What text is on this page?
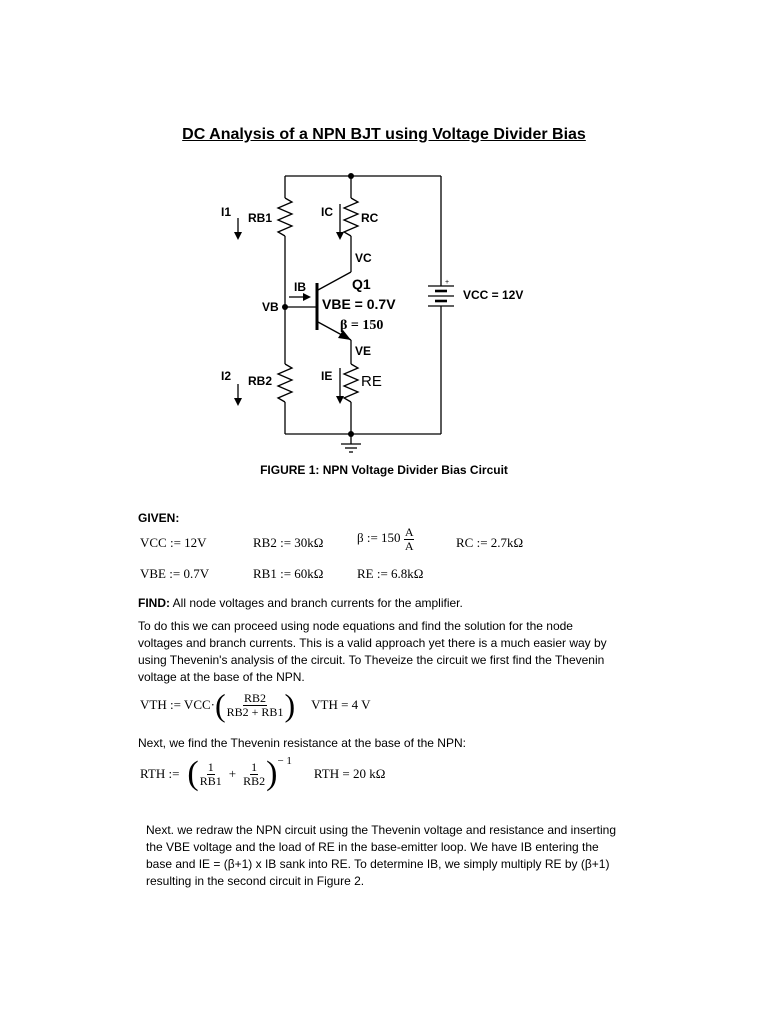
DC Analysis of a NPN BJT using Voltage Divider Bias
I1 RB1	IC RC
VC
IB	Q1
VBE = 0.7V
VB
VCC = 12V
VE
I2 RB2	IE
β = 150
RE
+
FIGURE 1: NPN Voltage Divider Bias Circuit
GIVEN:
VCC := 12V	RB2 := 30kΩ	β := $150 \frac{A}{A}$	RC := 2.7kΩ
VBE := 0.7V	RB1 := 60kΩ	RE := 6.8kΩ
FIND: All node voltages and branch currents for the amplifier.
To do this we can proceed using node equations and find the solution for the node voltages and branch currents. This is a valid approach yet there is a much easier way by using Thevenin's analysis of the circuit. To Theveize the circuit we first find the Thevenin voltage at the base of the NPN.
VTH := VCC· ( $\frac{RB2}{RB2 + RB1}$ ) VTH = 4 V
Next, we find the Thevenin resistance at the base of the NPN:
RTH := ( $\frac{1}{RB1} + \frac{1}{RB2}$ ) − 1
RTH = 20 kΩ
Next. we redraw the NPN circuit using the Thevenin voltage and resistance and inserting the VBE voltage and the load of RE in the base-emitter loop. We have IB entering the base and IE = (β+1) x IB sank into RE. To determine IB, we simply multiply RE by (β+1) resulting in the second circuit in Figure 2.
